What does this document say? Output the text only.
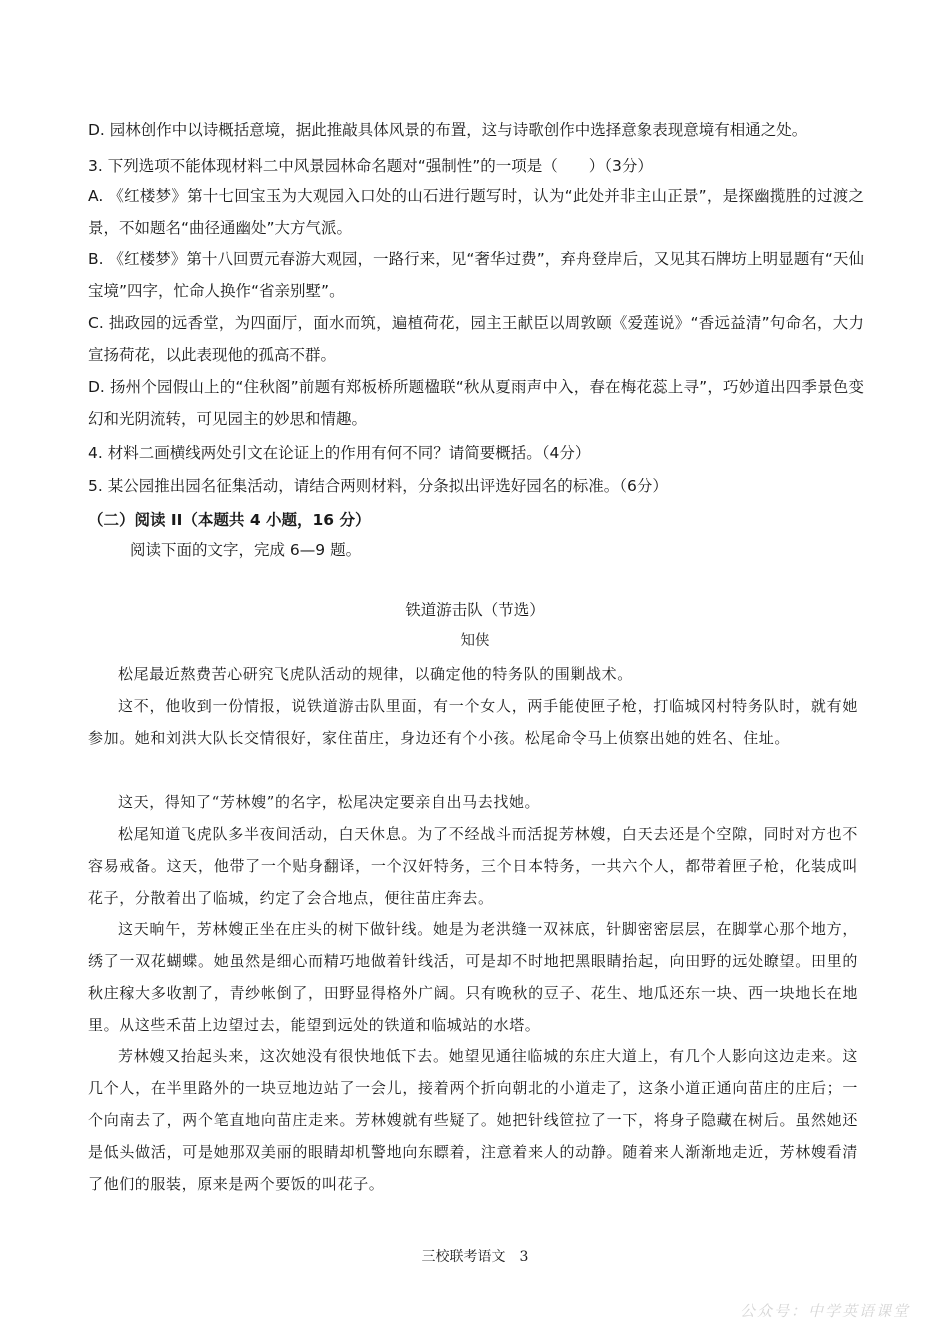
D. 园林创作中以诗概括意境，据此推敲具体风景的布置，这与诗歌创作中选择意象表现意境有相通之处。
3. 下列选项不能体现材料二中风景园林命名题对“强制性”的一项是（　　）（3分）
A. 《红楼梦》第十七回宝玉为大观园入口处的山石进行题写时，认为“此处并非主山正景”，是探幽揽胜的过渡之景，不如题名“曲径通幽处”大方气派。
B. 《红楼梦》第十八回贾元春游大观园，一路行来，见“奢华过费”，弃舟登岸后，又见其石牌坊上明显题有“天仙宝境”四字，忙命人换作“省亲别墅”。
C. 拙政园的远香堂，为四面厅，面水而筑，遍植荷花，园主王献臣以周敦颐《爱莲说》“香远益清”句命名，大力宣扬荷花，以此表现他的孤高不群。
D. 扬州个园假山上的“住秋阁”前题有郑板桥所题楹联“秋从夏雨声中入，春在梅花蕊上寻”，巧妙道出四季景色变幻和光阴流转，可见园主的妙思和情趣。
4. 材料二画横线两处引文在论证上的作用有何不同？请简要概括。（4分）
5. 某公园推出园名征集活动，请结合两则材料，分条拟出评选好园名的标准。（6分）
（二）阅读 II（本题共 4 小题，16 分）
阅读下面的文字，完成 6—9 题。
铁道游击队（节选）
知侠
松尾最近熬费苦心研究飞虎队活动的规律，以确定他的特务队的围剿战术。
这不，他收到一份情报，说铁道游击队里面，有一个女人，两手能使匣子枪，打临城冈村特务队时，就有她参加。她和刘洪大队长交情很好，家住苗庄，身边还有个小孩。松尾命令马上侦察出她的姓名、住址。
这天，得知了“芳林嫂”的名字，松尾决定要亲自出马去找她。
松尾知道飞虎队多半夜间活动，白天休息。为了不经战斗而活捉芳林嫂，白天去还是个空隙，同时对方也不容易戒备。这天，他带了一个贴身翻译，一个汉奸特务，三个日本特务，一共六个人，都带着匣子枪，化装成叫花子，分散着出了临城，约定了会合地点，便往苗庄奔去。
这天晌午，芳林嫂正坐在庄头的树下做针线。她是为老洪缝一双袜底，针脚密密层层，在脚掌心那个地方，绣了一双花蝴蝶。她虽然是细心而精巧地做着针线活，可是却不时地把黑眼睛抬起，向田野的远处瞭望。田里的秋庄稼大多收割了，青纱帐倒了，田野显得格外广阔。只有晚秋的豆子、花生、地瓜还东一块、西一块地长在地里。从这些禾苗上边望过去，能望到远处的铁道和临城站的水塔。
芳林嫂又抬起头来，这次她没有很快地低下去。她望见通往临城的东庄大道上，有几个人影向这边走来。这几个人，在半里路外的一块豆地边站了一会儿，接着两个折向朝北的小道走了，这条小道正通向苗庄的庄后；一个向南去了，两个笔直地向苗庄走来。芳林嫂就有些疑了。她把针线笸拉了一下，将身子隐藏在树后。虽然她还是低头做活，可是她那双美丽的眼睛却机警地向东瞟着，注意着来人的动静。随着来人渐渐地走近，芳林嫂看清了他们的服装，原来是两个要饭的叫花子。
三校联考语文　3
公众号：中学英语课堂
